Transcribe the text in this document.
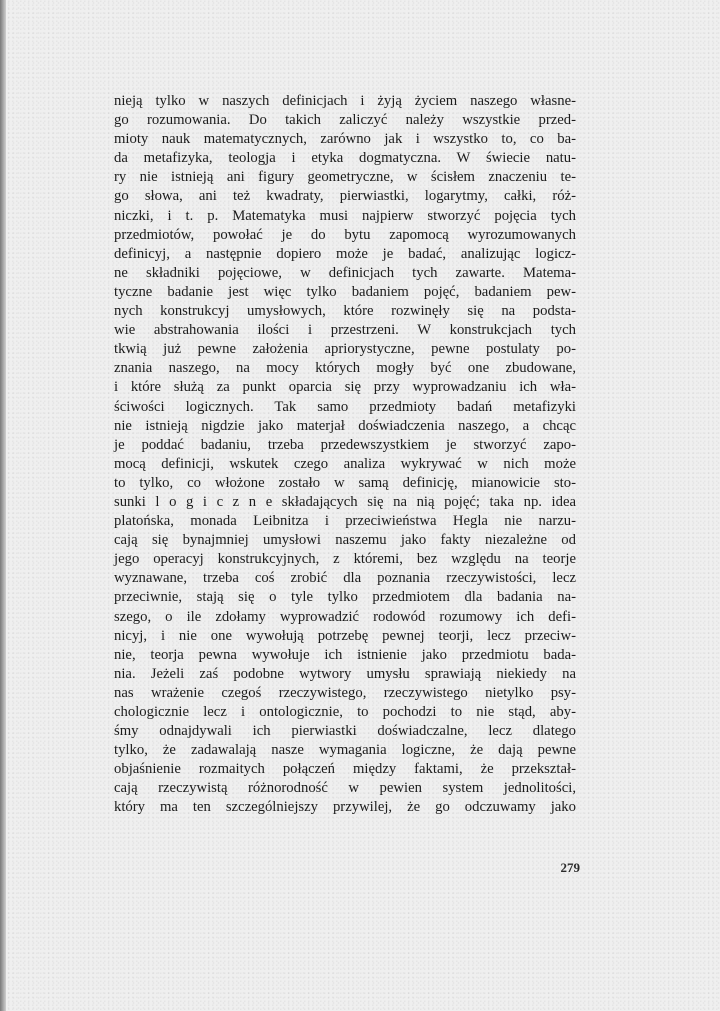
nieją tylko w naszych definicjach i żyją życiem naszego własne-
go rozumowania. Do takich zaliczyć należy wszystkie przed-
mioty nauk matematycznych, zarówno jak i wszystko to, co ba-
da metafizyka, teologja i etyka dogmatyczna. W świecie natu-
ry nie istnieją ani figury geometryczne, w ścisłem znaczeniu te-
go słowa, ani też kwadraty, pierwiastki, logarytmy, całki, róż-
niczki, i t. p. Matematyka musi najpierw stworzyć pojęcia tych
przedmiotów, powołać je do bytu zapomocą wyrozumowanych
definicyj, a następnie dopiero może je badać, analizując logicz-
ne składniki pojęciowe, w definicjach tych zawarte. Matema-
tyczne badanie jest więc tylko badaniem pojęć, badaniem pew-
nych konstrukcyj umysłowych, które rozwinęły się na podsta-
wie abstrahowania ilości i przestrzeni. W konstrukcjach tych
tkwią już pewne założenia apriorystyczne, pewne postulaty po-
znania naszego, na mocy których mogły być one zbudowane,
i które służą za punkt oparcia się przy wyprowadzaniu ich wła-
ściwości logicznych. Tak samo przedmioty badań metafizyki
nie istnieją nigdzie jako materjał doświadczenia naszego, a chcąc
je poddać badaniu, trzeba przedewszystkiem je stworzyć zapo-
mocą definicji, wskutek czego analiza wykrywać w nich może
to tylko, co włożone zostało w samą definicję, mianowicie sto-
sunki l o g i c z n e składających się na nią pojęć; taka np. idea
platońska, monada Leibnitza i przeciwieństwa Hegla nie narzu-
cają się bynajmniej umysłowi naszemu jako fakty niezależne od
jego operacyj konstrukcyjnych, z któremi, bez względu na teorje
wyznawane, trzeba coś zrobić dla poznania rzeczywistości, lecz
przeciwnie, stają się o tyle tylko przedmiotem dla badania na-
szego, o ile zdołamy wyprowadzić rodowód rozumowy ich defi-
nicyj, i nie one wywołują potrzebę pewnej teorji, lecz przeciw-
nie, teorja pewna wywołuje ich istnienie jako przedmiotu bada-
nia. Jeżeli zaś podobne wytwory umysłu sprawiają niekiedy na
nas wrażenie czegoś rzeczywistego, rzeczywistego nietylko psy-
chologicznie lecz i ontologicznie, to pochodzi to nie stąd, aby-
śmy odnajdywali ich pierwiastki doświadczalne, lecz dlatego
tylko, że zadawalają nasze wymagania logiczne, że dają pewne
objaśnienie rozmaitych połączeń między faktami, że przekształ-
cają rzeczywistą różnorodność w pewien system jednolitości,
który ma ten szczególniejszy przywilej, że go odczuwamy jako
279
